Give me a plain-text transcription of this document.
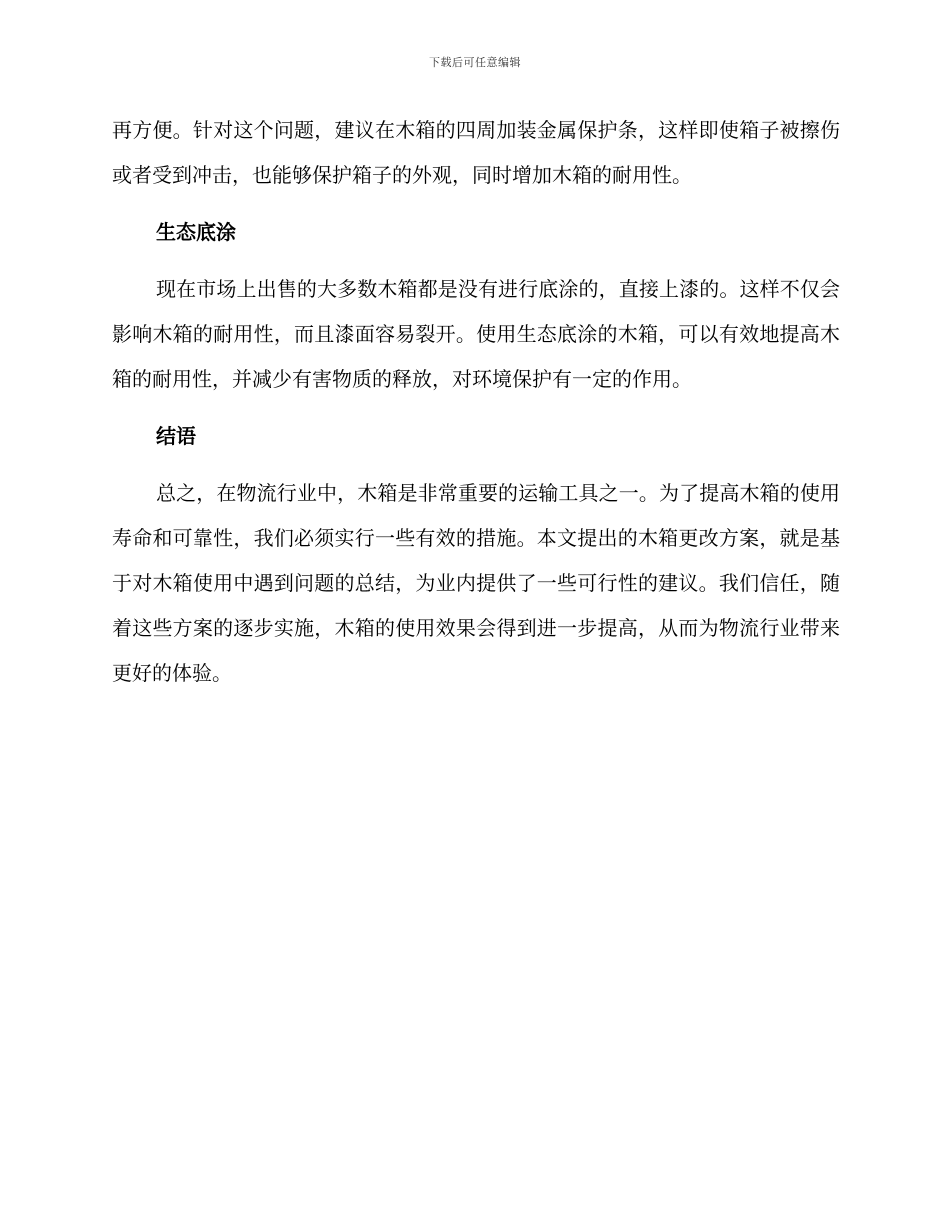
下载后可任意编辑

再方便。针对这个问题，建议在木箱的四周加装金属保护条，这样即使箱子被擦伤或者受到冲击，也能够保护箱子的外观，同时增加木箱的耐用性。

生态底涂

现在市场上出售的大多数木箱都是没有进行底涂的，直接上漆的。这样不仅会影响木箱的耐用性，而且漆面容易裂开。使用生态底涂的木箱，可以有效地提高木箱的耐用性，并减少有害物质的释放，对环境保护有一定的作用。

结语

总之，在物流行业中，木箱是非常重要的运输工具之一。为了提高木箱的使用寿命和可靠性，我们必须实行一些有效的措施。本文提出的木箱更改方案，就是基于对木箱使用中遇到问题的总结，为业内提供了一些可行性的建议。我们信任，随着这些方案的逐步实施，木箱的使用效果会得到进一步提高，从而为物流行业带来更好的体验。
